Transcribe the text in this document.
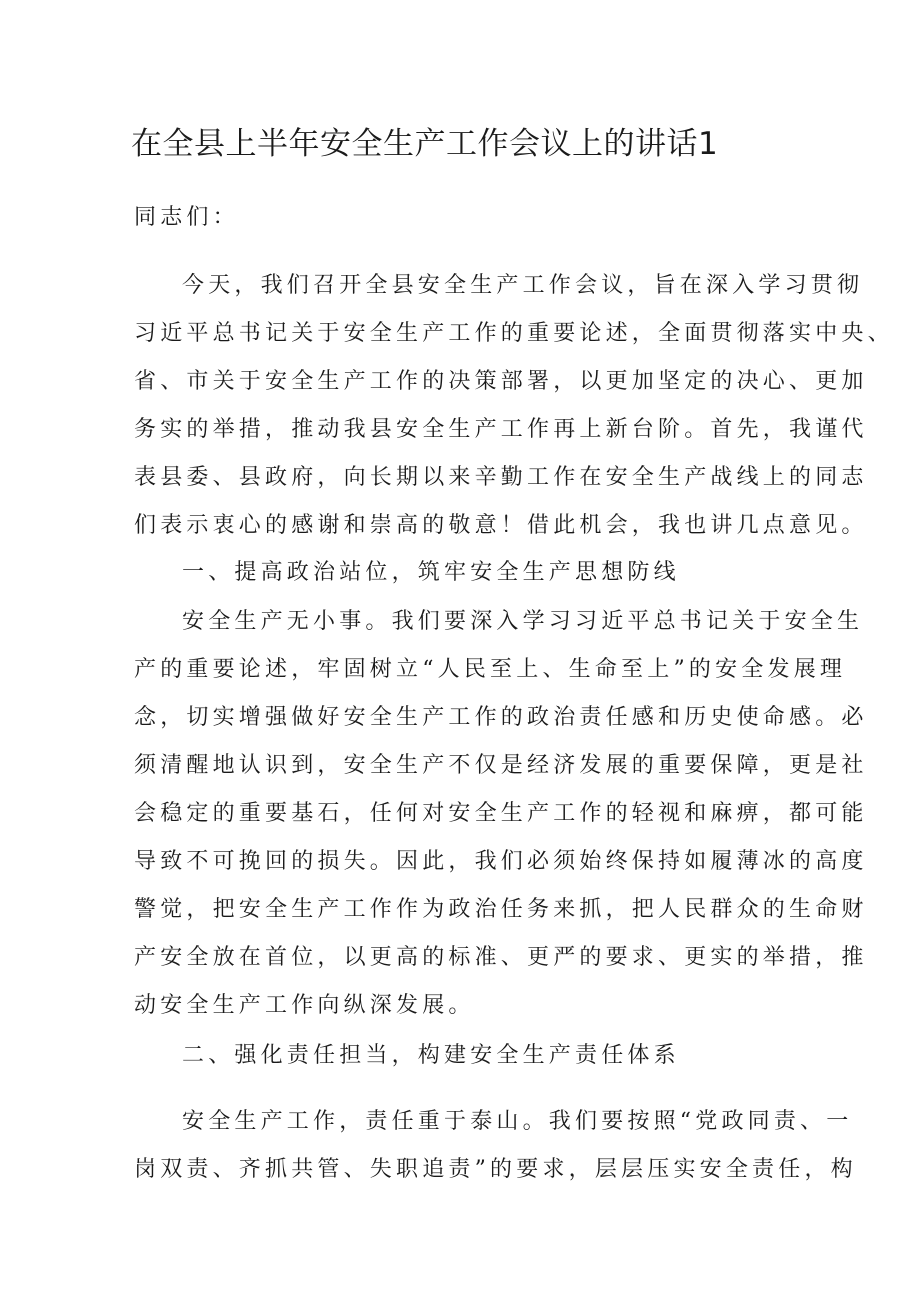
在全县上半年安全生产工作会议上的讲话1

同志们：

今天，我们召开全县安全生产工作会议，旨在深入学习贯彻
习近平总书记关于安全生产工作的重要论述，全面贯彻落实中央、
省、市关于安全生产工作的决策部署，以更加坚定的决心、更加
务实的举措，推动我县安全生产工作再上新台阶。首先，我谨代
表县委、县政府，向长期以来辛勤工作在安全生产战线上的同志
们表示衷心的感谢和崇高的敬意！借此机会，我也讲几点意见。

一、提高政治站位，筑牢安全生产思想防线

安全生产无小事。我们要深入学习习近平总书记关于安全生
产的重要论述，牢固树立“人民至上、生命至上”的安全发展理
念，切实增强做好安全生产工作的政治责任感和历史使命感。必
须清醒地认识到，安全生产不仅是经济发展的重要保障，更是社
会稳定的重要基石，任何对安全生产工作的轻视和麻痹，都可能
导致不可挽回的损失。因此，我们必须始终保持如履薄冰的高度
警觉，把安全生产工作作为政治任务来抓，把人民群众的生命财
产安全放在首位，以更高的标准、更严的要求、更实的举措，推
动安全生产工作向纵深发展。

二、强化责任担当，构建安全生产责任体系

安全生产工作，责任重于泰山。我们要按照“党政同责、一
岗双责、齐抓共管、失职追责”的要求，层层压实安全责任，构
